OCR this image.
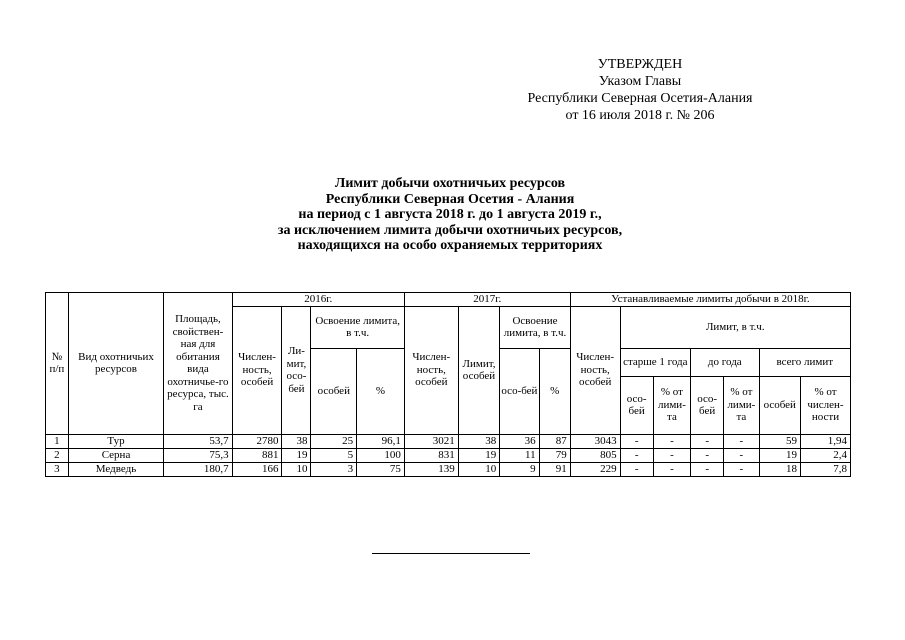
УТВЕРЖДЕН
Указом Главы
Республики Северная Осетия-Алания
от 16 июля 2018 г. № 206
Лимит добычи охотничьих ресурсов
Республики Северная Осетия - Алания
на период с 1 августа 2018 г. до 1 августа 2019 г.,
за исключением лимита добычи охотничьих ресурсов,
находящихся на особо охраняемых территориях
№ п/п	Вид охотничьих ресурсов	Площадь, свойствен-ная для обитания вида охотничье-го ресурса, тыс. га	2016г.				2017г.				Устанавливаемые лимиты добычи в 2018г.						
			Числен-ность, особей	Ли-мит, осо-бей	Освоение лимита, в т.ч.		Числен-ность, особей	Лимит, особей	Освоение лимита, в т.ч.		Числен-ность, особей	Лимит, в т.ч.					
					особей	%			осо-бей	%		старше 1 года		до года		всего лимит	
												осо-бей	% от лими-та	осо-бей	% от лими-та	особей	% от числен-ности
1	Тур	53,7	2780	38	25	96,1	3021	38	36	87	3043	-	-	-	-	59	1,94
2	Серна	75,3	881	19	5	100	831	19	11	79	805	-	-	-	-	19	2,4
3	Медведь	180,7	166	10	3	75	139	10	9	91	229	-	-	-	-	18	7,8
